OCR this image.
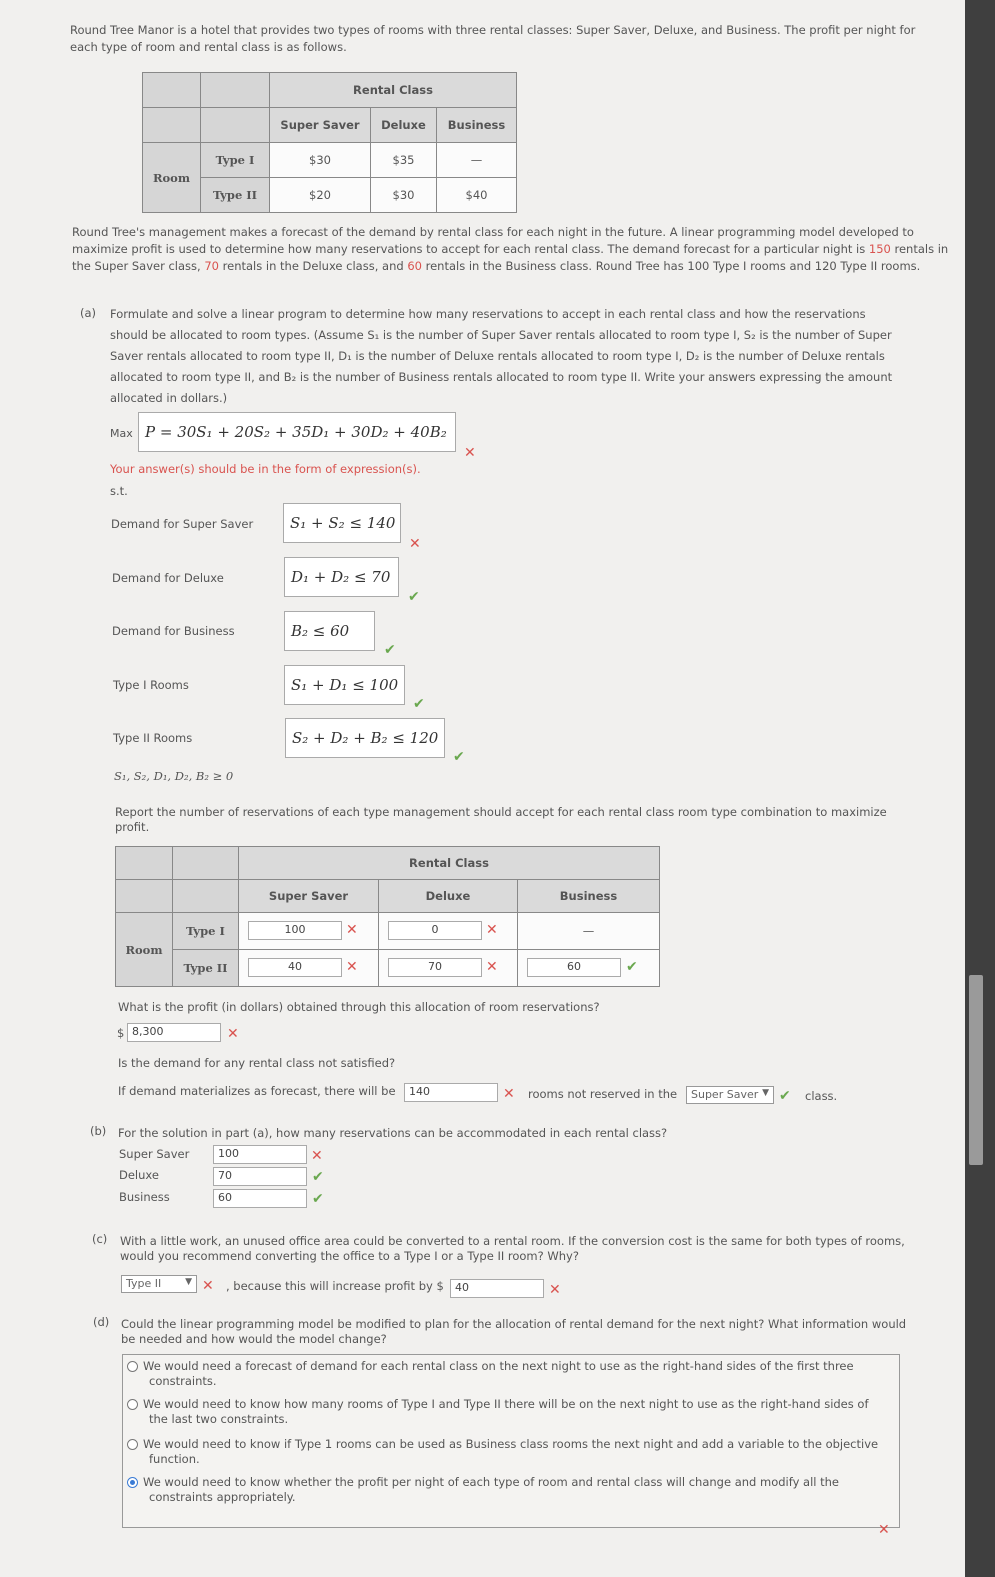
Round Tree Manor is a hotel that provides two types of rooms with three rental classes: Super Saver, Deluxe, and Business. The profit per night for each type of room and rental class is as follows.

		Rental Class		
		Super Saver	Deluxe	Business
Room	Type I	$30	$35	—
	Type II	$20	$30	$40

Round Tree's management makes a forecast of the demand by rental class for each night in the future. A linear programming model developed to maximize profit is used to determine how many reservations to accept for each rental class. The demand forecast for a particular night is 150 rentals in the Super Saver class, 70 rentals in the Deluxe class, and 60 rentals in the Business class. Round Tree has 100 Type I rooms and 120 Type II rooms.

(a) Formulate and solve a linear program to determine how many reservations to accept in each rental class and how the reservations
should be allocated to room types. (Assume S₁ is the number of Super Saver rentals allocated to room type I, S₂ is the number of Super
Saver rentals allocated to room type II, D₁ is the number of Deluxe rentals allocated to room type I, D₂ is the number of Deluxe rentals
allocated to room type II, and B₂ is the number of Business rentals allocated to room type II. Write your answers expressing the amount
allocated in dollars.)
Max P = 30S₁ + 20S₂ + 35D₁ + 30D₂ + 40B₂
✕
Your answer(s) should be in the form of expression(s).
s.t.
Demand for Super Saver	S₁ + S₂ ≤ 140
✕
Demand for Deluxe	D₁ + D₂ ≤ 70
✔
Demand for Business	B₂ ≤ 60
✔
Type I Rooms	S₁ + D₁ ≤ 100
✔
Type II Rooms	S₂ + D₂ + B₂ ≤ 120
✔
S₁, S₂, D₁, D₂, B₂ ≥ 0
Report the number of reservations of each type management should accept for each rental class room type combination to maximize
profit.
		Rental Class		
		Super Saver	Deluxe	Business
Room	Type I	100 ✕	0 ✕	—
	Type II	40 ✕	70 ✕	60 ✔
What is the profit (in dollars) obtained through this allocation of room reservations?
$ 8,300	✕
Is the demand for any rental class not satisfied?
If demand materializes as forecast, there will be	140	✕ rooms not reserved in the	Super Saver ▼ ✔ class.
(b) For the solution in part (a), how many reservations can be accommodated in each rental class?
Super Saver	100	✕
Deluxe	70	✔
Business	60	✔
(c) With a little work, an unused office area could be converted to a rental room. If the conversion cost is the same for both types of rooms,
would you recommend converting the office to a Type I or a Type II room? Why?
Type II	▼ ✕ , because this will increase profit by $	40	✕
(d) Could the linear programming model be modified to plan for the allocation of rental demand for the next night? What information would
be needed and how would the model change?
We would need a forecast of demand for each rental class on the next night to use as the right-hand sides of the first three
constraints.
We would need to know how many rooms of Type I and Type II there will be on the next night to use as the right-hand sides of
the last two constraints.
We would need to know if Type 1 rooms can be used as Business class rooms the next night and add a variable to the objective
function.
We would need to know whether the profit per night of each type of room and rental class will change and modify all the
constraints appropriately.
✕
